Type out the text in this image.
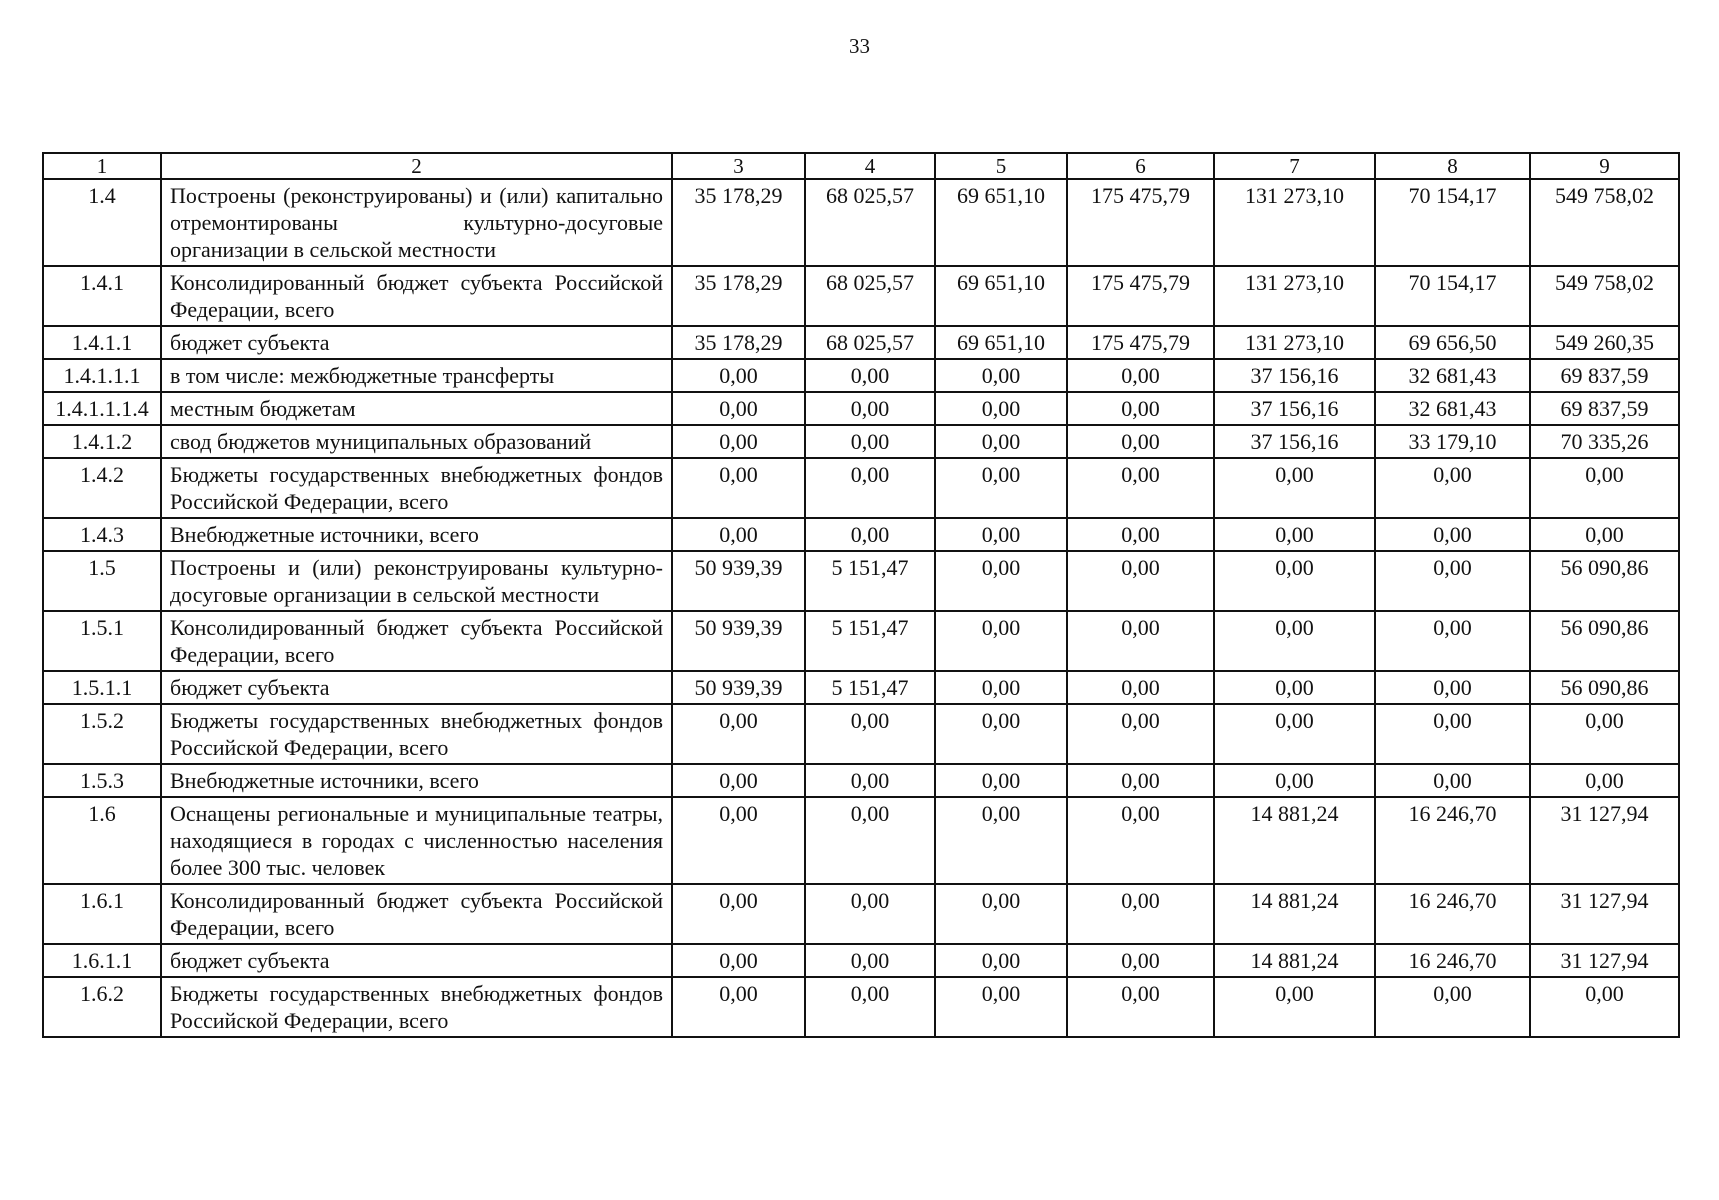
33
1	2	3	4	5	6	7	8	9
1.4	Построены (реконструированы) и (или) капитально отремонтированы культурно-досуговые организации в сельской местности	35 178,29	68 025,57	69 651,10	175 475,79	131 273,10	70 154,17	549 758,02
1.4.1	Консолидированный бюджет субъекта Российской Федерации, всего	35 178,29	68 025,57	69 651,10	175 475,79	131 273,10	70 154,17	549 758,02
1.4.1.1	бюджет субъекта	35 178,29	68 025,57	69 651,10	175 475,79	131 273,10	69 656,50	549 260,35
1.4.1.1.1	в том числе: межбюджетные трансферты	0,00	0,00	0,00	0,00	37 156,16	32 681,43	69 837,59
1.4.1.1.1.4	местным бюджетам	0,00	0,00	0,00	0,00	37 156,16	32 681,43	69 837,59
1.4.1.2	свод бюджетов муниципальных образований	0,00	0,00	0,00	0,00	37 156,16	33 179,10	70 335,26
1.4.2	Бюджеты государственных внебюджетных фондов Российской Федерации, всего	0,00	0,00	0,00	0,00	0,00	0,00	0,00
1.4.3	Внебюджетные источники, всего	0,00	0,00	0,00	0,00	0,00	0,00	0,00
1.5	Построены и (или) реконструированы культурно-досуговые организации в сельской местности	50 939,39	5 151,47	0,00	0,00	0,00	0,00	56 090,86
1.5.1	Консолидированный бюджет субъекта Российской Федерации, всего	50 939,39	5 151,47	0,00	0,00	0,00	0,00	56 090,86
1.5.1.1	бюджет субъекта	50 939,39	5 151,47	0,00	0,00	0,00	0,00	56 090,86
1.5.2	Бюджеты государственных внебюджетных фондов Российской Федерации, всего	0,00	0,00	0,00	0,00	0,00	0,00	0,00
1.5.3	Внебюджетные источники, всего	0,00	0,00	0,00	0,00	0,00	0,00	0,00
1.6	Оснащены региональные и муниципальные театры, находящиеся в городах с численностью населения более 300 тыс. человек	0,00	0,00	0,00	0,00	14 881,24	16 246,70	31 127,94
1.6.1	Консолидированный бюджет субъекта Российской Федерации, всего	0,00	0,00	0,00	0,00	14 881,24	16 246,70	31 127,94
1.6.1.1	бюджет субъекта	0,00	0,00	0,00	0,00	14 881,24	16 246,70	31 127,94
1.6.2	Бюджеты государственных внебюджетных фондов Российской Федерации, всего	0,00	0,00	0,00	0,00	0,00	0,00	0,00
